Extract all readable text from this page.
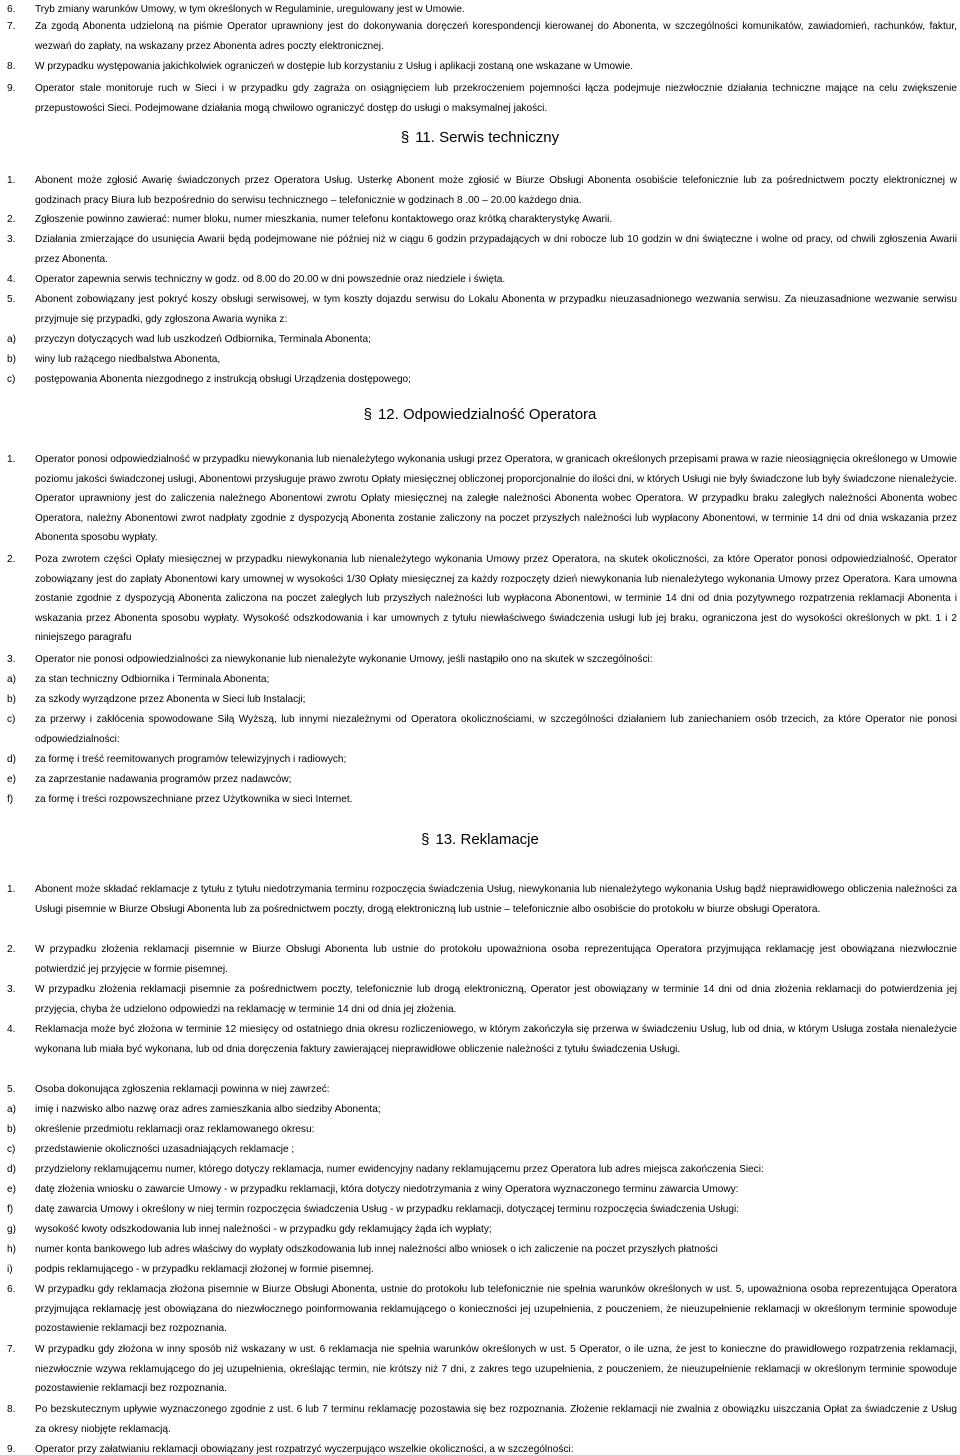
6. Tryb zmiany warunków Umowy, w tym określonych w Regulaminie, uregulowany jest w Umowie.
7. Za zgodą Abonenta udzieloną na piśmie Operator uprawniony jest do dokonywania doręczeń korespondencji kierowanej do Abonenta, w szczególności komunikatów, zawiadomień, rachunków, faktur, wezwań do zapłaty, na wskazany przez Abonenta adres poczty elektronicznej.
8. W przypadku występowania jakichkolwiek ograniczeń w dostępie lub korzystaniu z Usług i aplikacji zostaną one wskazane w Umowie.
9. Operator stale monitoruje ruch w Sieci i w przypadku gdy zagraża on osiągnięciem lub przekroczeniem pojemności łącza podejmuje niezwłocznie działania techniczne mające na celu zwiększenie przepustowości Sieci. Podejmowane działania mogą chwilowo ograniczyć dostęp do usługi o maksymalnej jakości.
§ 11. Serwis techniczny
1. Abonent może zgłosić Awarię świadczonych przez Operatora Usług. Usterkę Abonent może zgłosić w Biurze Obsługi Abonenta osobiście telefonicznie lub za pośrednictwem poczty elektronicznej w godzinach pracy Biura lub bezpośrednio do serwisu technicznego – telefonicznie w godzinach 8 .00 – 20.00 każdego dnia.
2. Zgłoszenie powinno zawierać: numer bloku, numer mieszkania, numer telefonu kontaktowego oraz krótką charakterystykę Awarii.
3. Działania zmierzające do usunięcia Awarii będą podejmowane nie później niż w ciągu 6 godzin przypadających w dni robocze lub 10 godzin w dni świąteczne i wolne od pracy, od chwili zgłoszenia Awarii przez Abonenta.
4. Operator zapewnia serwis techniczny w godz. od 8.00 do 20.00 w dni powszednie oraz niedziele i święta.
5. Abonent zobowiązany jest pokryć koszy obsługi serwisowej, w tym koszty dojazdu serwisu do Lokalu Abonenta w przypadku nieuzasadnionego wezwania serwisu. Za nieuzasadnione wezwanie serwisu przyjmuje się przypadki, gdy zgłoszona Awaria wynika z:
a) przyczyn dotyczących wad lub uszkodzeń Odbiornika, Terminala Abonenta;
b) winy lub rażącego niedbalstwa Abonenta,
c) postępowania Abonenta niezgodnego z instrukcją obsługi Urządzenia dostępowego;
§ 12. Odpowiedzialność Operatora
1. Operator ponosi odpowiedzialność w przypadku niewykonania lub nienależytego wykonania usługi przez Operatora, w granicach określonych przepisami prawa w razie nieosiągnięcia określonego w Umowie poziomu jakości świadczonej usługi, Abonentowi przysługuje prawo zwrotu Opłaty miesięcznej obliczonej proporcjonalnie do ilości dni, w których Usługi nie były świadczone lub były świadczone nienależycie. Operator uprawniony jest do zaliczenia należnego Abonentowi zwrotu Opłaty miesięcznej na zaległe należności Abonenta wobec Operatora. W przypadku braku zaległych należności Abonenta wobec Operatora, należny Abonentowi zwrot nadpłaty zgodnie z dyspozycją Abonenta zostanie zaliczony na poczet przyszłych należności lub wypłacony Abonentowi, w terminie 14 dni od dnia wskazania przez Abonenta sposobu wypłaty.
2. Poza zwrotem części Opłaty miesięcznej w przypadku niewykonania lub nienależytego wykonania Umowy przez Operatora, na skutek okoliczności, za które Operator ponosi odpowiedzialność, Operator zobowiązany jest do zapłaty Abonentowi kary umownej w wysokości 1/30 Opłaty miesięcznej za każdy rozpoczęty dzień niewykonania lub nienależytego wykonania Umowy przez Operatora. Kara umowna zostanie zgodnie z dyspozycją Abonenta zaliczona na poczet zaległych lub przyszłych należności lub wypłacona Abonentowi, w terminie 14 dni od dnia pozytywnego rozpatrzenia reklamacji Abonenta i wskazania przez Abonenta sposobu wypłaty. Wysokość odszkodowania i kar umownych z tytułu niewłaściwego świadczenia usługi lub jej braku, ograniczona jest do wysokości określonych w pkt. 1 i 2 niniejszego paragrafu
3. Operator nie ponosi odpowiedzialności za niewykonanie lub nienależyte wykonanie Umowy, jeśli nastąpiło ono na skutek w szczególności:
a) za stan techniczny Odbiornika i Terminala Abonenta;
b) za szkody wyrządzone przez Abonenta w Sieci lub Instalacji;
c) za przerwy i zakłócenia spowodowane Siłą Wyższą, lub innymi niezależnymi od Operatora okolicznościami, w szczególności działaniem lub zaniechaniem osób trzecich, za które Operator nie ponosi odpowiedzialności:
d) za formę i treść reemitowanych programów telewizyjnych i radiowych;
e) za zaprzestanie nadawania programów przez nadawców;
f) za formę i treści rozpowszechniane przez Użytkownika w sieci Internet.
§ 13. Reklamacje
1. Abonent może składać reklamacje z tytułu z tytułu niedotrzymania terminu rozpoczęcia świadczenia Usług, niewykonania lub nienależytego wykonania Usług bądź nieprawidłowego obliczenia należności za Usługi pisemnie w Biurze Obsługi Abonenta lub za pośrednictwem poczty, drogą elektroniczną lub ustnie – telefonicznie albo osobiście do protokołu w biurze obsługi Operatora.
2. W przypadku złożenia reklamacji pisemnie w Biurze Obsługi Abonenta lub ustnie do protokołu upoważniona osoba reprezentująca Operatora przyjmująca reklamację jest obowiązana niezwłocznie potwierdzić jej przyjęcie w formie pisemnej.
3. W przypadku złożenia reklamacji pisemnie za pośrednictwem poczty, telefonicznie lub drogą elektroniczną, Operator jest obowiązany w terminie 14 dni od dnia złożenia reklamacji do potwierdzenia jej przyjęcia, chyba że udzielono odpowiedzi na reklamację w terminie 14 dni od dnia jej złożenia.
4. Reklamacja może być złożona w terminie 12 miesięcy od ostatniego dnia okresu rozliczeniowego, w którym zakończyła się przerwa w świadczeniu Usług, lub od dnia, w którym Usługa została nienależycie wykonana lub miała być wykonana, lub od dnia doręczenia faktury zawierającej nieprawidłowe obliczenie należności z tytułu świadczenia Usługi.
5. Osoba dokonująca zgłoszenia reklamacji powinna w niej zawrzeć:
a) imię i nazwisko albo nazwę oraz adres zamieszkania albo siedziby Abonenta;
b) określenie przedmiotu reklamacji oraz reklamowanego okresu:
c) przedstawienie okoliczności uzasadniających reklamacje ;
d) przydzielony reklamującemu numer, którego dotyczy reklamacja, numer ewidencyjny nadany reklamującemu przez Operatora lub adres miejsca zakończenia Sieci:
e) datę złożenia wniosku o zawarcie Umowy - w przypadku reklamacji, która dotyczy niedotrzymania z winy Operatora wyznaczonego terminu zawarcia Umowy:
f) datę zawarcia Umowy i określony w niej termin rozpoczęcia świadczenia Usług - w przypadku reklamacji, dotyczącej terminu rozpoczęcia świadczenia Usługi:
g) wysokość kwoty odszkodowania lub innej należności - w przypadku gdy reklamujący żąda ich wypłaty;
h) numer konta bankowego lub adres właściwy do wypłaty odszkodowania lub innej należności albo wniosek o ich zaliczenie na poczet przyszłych płatności
i) podpis reklamującego - w przypadku reklamacji złożonej w formie pisemnej.
6. W przypadku gdy reklamacja złożona pisemnie w Biurze Obsługi Abonenta, ustnie do protokołu lub telefonicznie nie spełnia warunków określonych w ust. 5, upoważniona osoba reprezentująca Operatora przyjmująca reklamację jest obowiązana do niezwłocznego poinformowania reklamującego o konieczności jej uzupełnienia, z pouczeniem, że nieuzupełnienie reklamacji w określonym terminie spowoduje pozostawienie reklamacji bez rozpoznania.
7. W przypadku gdy złożona w inny sposób niż wskazany w ust. 6 reklamacja nie spełnia warunków określonych w ust. 5 Operator, o ile uzna, że jest to konieczne do prawidłowego rozpatrzenia reklamacji, niezwłocznie wzywa reklamującego do jej uzupełnienia, określając termin, nie krótszy niż 7 dni, z zakres tego uzupełnienia, z pouczeniem, że nieuzupełnienie reklamacji w określonym terminie spowoduje pozostawienie reklamacji bez rozpoznania.
8. Po bezskutecznym upływie wyznaczonego zgodnie z ust. 6 lub 7 terminu reklamację pozostawia się bez rozpoznania. Złożenie reklamacji nie zwalnia z obowiązku uiszczania Opłat za świadczenie z Usług za okresy niobjęte reklamacją.
9. Operator przy załatwianiu reklamacji obowiązany jest rozpatrzyć wyczerpująco wszelkie okoliczności, a w szczególności:
